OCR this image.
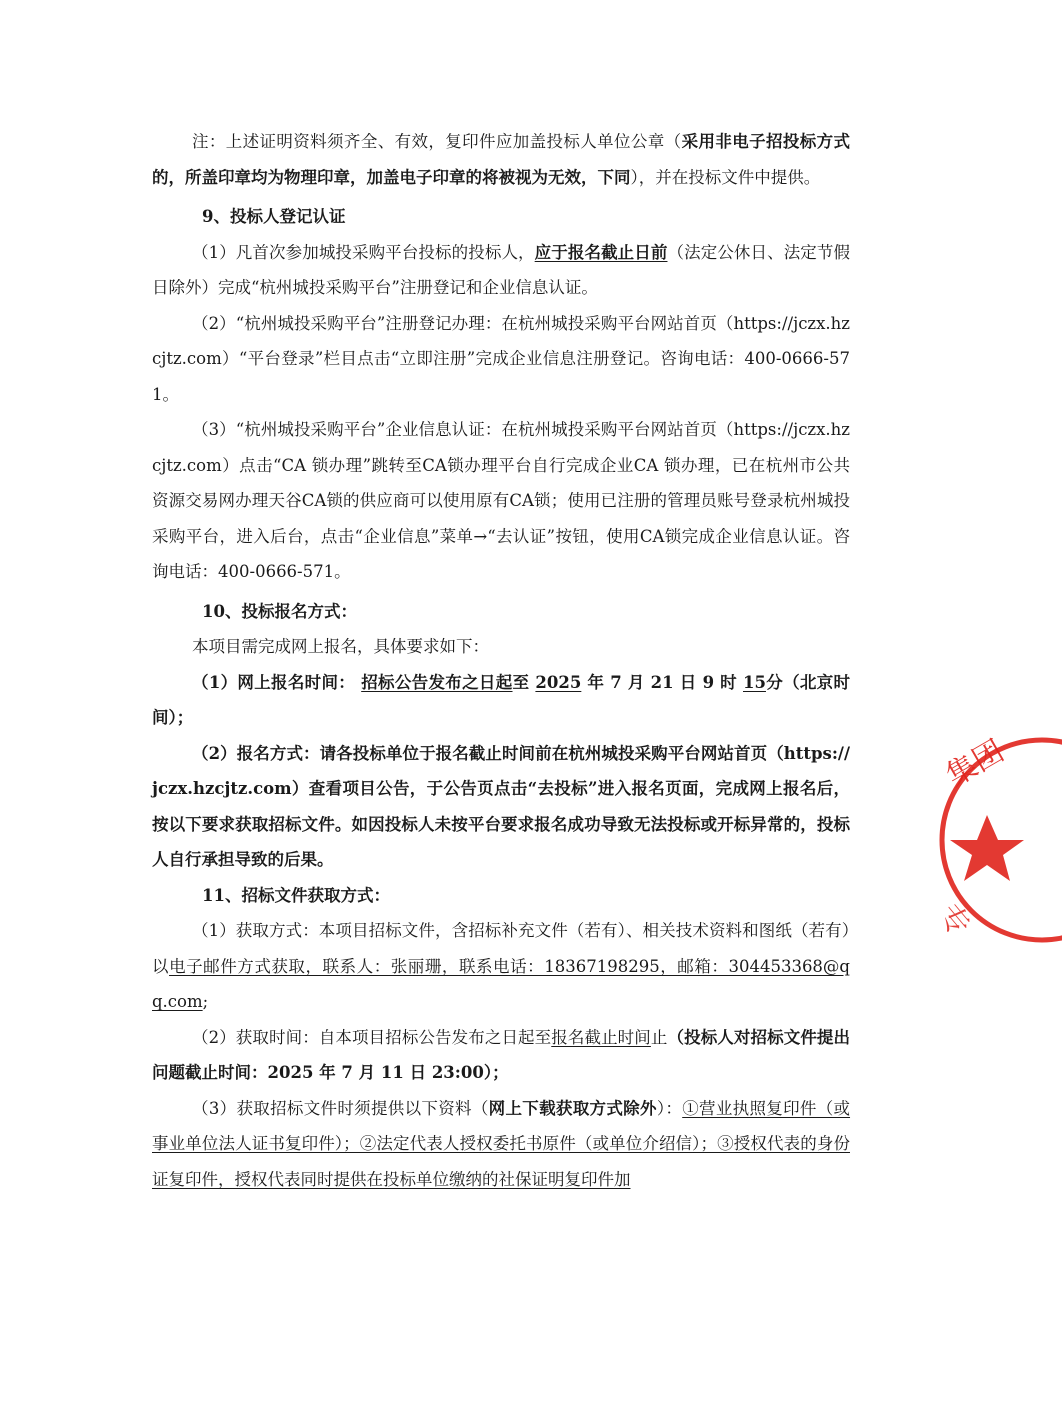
注：上述证明资料须齐全、有效，复印件应加盖投标人单位公章（采用非电子招投标方式的，所盖印章均为物理印章，加盖电子印章的将被视为无效，下同），并在投标文件中提供。

9、投标人登记认证

（1）凡首次参加城投采购平台投标的投标人，应于报名截止日前（法定公休日、法定节假日除外）完成“杭州城投采购平台”注册登记和企业信息认证。

（2）“杭州城投采购平台”注册登记办理：在杭州城投采购平台网站首页（https://jczx.hzcjtz.com）“平台登录”栏目点击“立即注册”完成企业信息注册登记。咨询电话：400-0666-571。

（3）“杭州城投采购平台”企业信息认证：在杭州城投采购平台网站首页（https://jczx.hzcjtz.com）点击“CA 锁办理”跳转至CA锁办理平台自行完成企业CA 锁办理，已在杭州市公共资源交易网办理天谷CA锁的供应商可以使用原有CA锁；使用已注册的管理员账号登录杭州城投采购平台，进入后台，点击“企业信息”菜单→“去认证”按钮，使用CA锁完成企业信息认证。咨询电话：400-0666-571。

10、投标报名方式：

本项目需完成网上报名，具体要求如下：

（1）网上报名时间： 招标公告发布之日起至 2025 年 7 月 21 日 9 时 15分（北京时间）；

（2）报名方式：请各投标单位于报名截止时间前在杭州城投采购平台网站首页（https://jczx.hzcjtz.com）查看项目公告，于公告页点击“去投标”进入报名页面，完成网上报名后，按以下要求获取招标文件。如因投标人未按平台要求报名成功导致无法投标或开标异常的，投标人自行承担导致的后果。

11、招标文件获取方式：

（1）获取方式：本项目招标文件，含招标补充文件（若有）、相关技术资料和图纸（若有）以电子邮件方式获取，联系人：张丽珊，联系电话：18367198295，邮箱：304453368@qq.com;

（2）获取时间：自本项目招标公告发布之日起至报名截止时间止（投标人对招标文件提出问题截止时间：2025 年 7 月 11 日 23:00）；

（3）获取招标文件时须提供以下资料（网上下载获取方式除外）：①营业执照复印件（或事业单位法人证书复印件）；②法定代表人授权委托书原件（或单位介绍信）；③授权代表的身份证复印件，授权代表同时提供在投标单位缴纳的社保证明复印件加

集团
专
